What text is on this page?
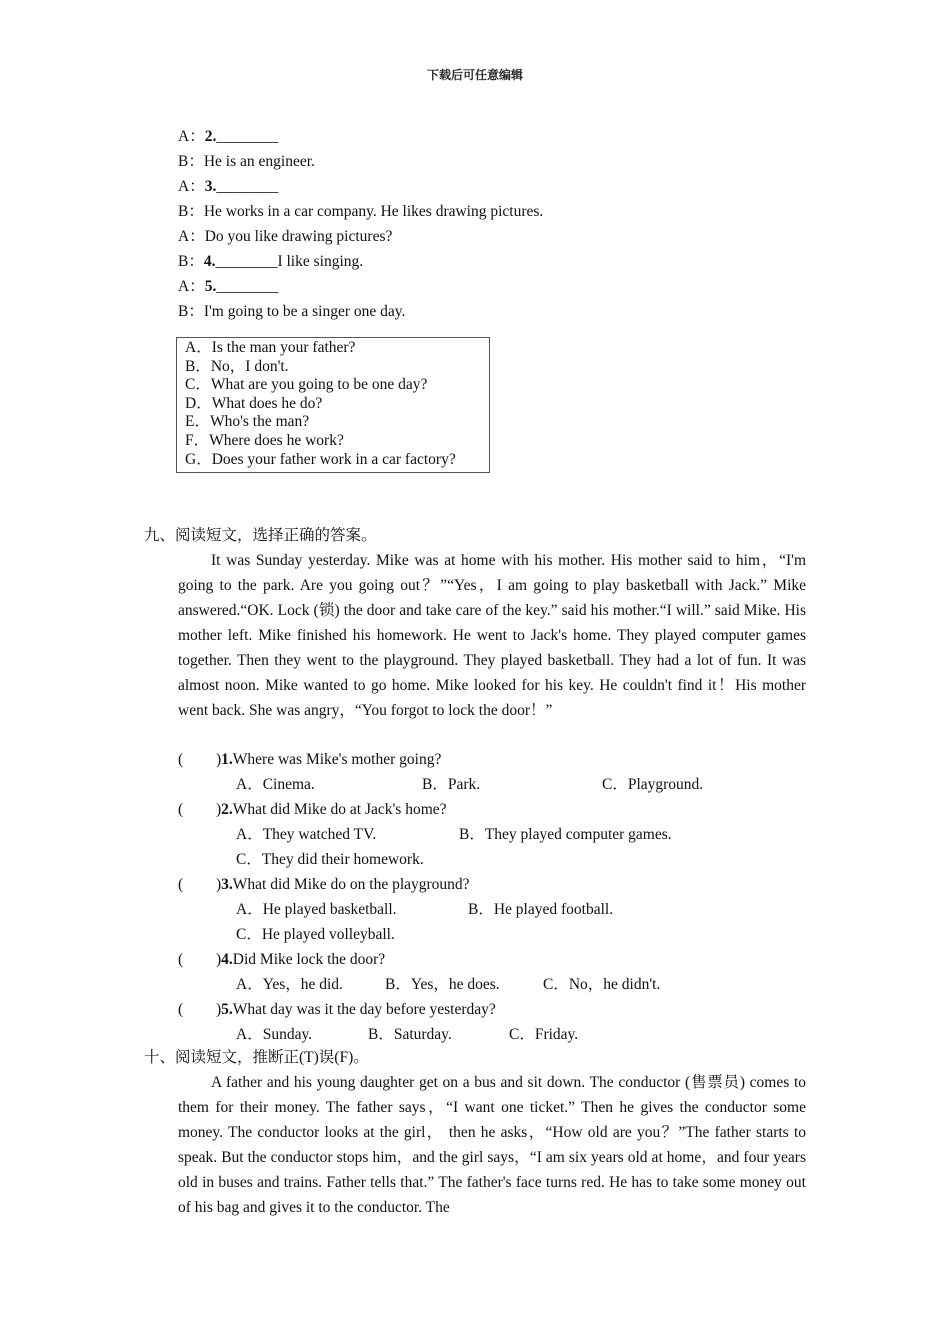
下载后可任意编辑
A：2.________
B：He is an engineer.
A：3.________
B：He works in a car company. He likes drawing pictures.
A：Do you like drawing pictures?
B：4.________I like singing.
A：5.________
B：I'm going to be a singer one day.
A．Is the man your father?
B．No，I don't.
C．What are you going to be one day?
D．What does he do?
E．Who's the man?
F．Where does he work?
G．Does your father work in a car factory?
九、阅读短文，选择正确的答案。
It was Sunday yesterday. Mike was at home with his mother. His mother said to him，“I'm going to the park. Are you going out？”“Yes，I am going to play basketball with Jack.” Mike answered.“OK. Lock (锁) the door and take care of the key.” said his mother.“I will.” said Mike. His mother left. Mike finished his homework. He went to Jack's home. They played computer games together. Then they went to the playground. They played basketball. They had a lot of fun. It was almost noon. Mike wanted to go home. Mike looked for his key. He couldn't find it！His mother went back. She was angry，“You forgot to lock the door！”
( )1.Where was Mike's mother going?
A．Cinema.	B．Park.	C．Playground.
( )2.What did Mike do at Jack's home?
A．They watched TV.	B．They played computer games.
C．They did their homework.
( )3.What did Mike do on the playground?
A．He played basketball.	B．He played football.
C．He played volleyball.
( )4.Did Mike lock the door?
A．Yes，he did.	B．Yes，he does.	C．No，he didn't.
( )5.What day was it the day before yesterday?
A．Sunday.	B．Saturday.	C．Friday.
十、阅读短文，推断正(T)误(F)。
A father and his young daughter get on a bus and sit down. The conductor (售票员) comes to them for their money. The father says，“I want one ticket.” Then he gives the conductor some money. The conductor looks at the girl， then he asks，“How old are you？”The father starts to speak. But the conductor stops him，and the girl says，“I am six years old at home，and four years old in buses and trains. Father tells that.” The father's face turns red. He has to take some money out of his bag and gives it to the conductor. The
